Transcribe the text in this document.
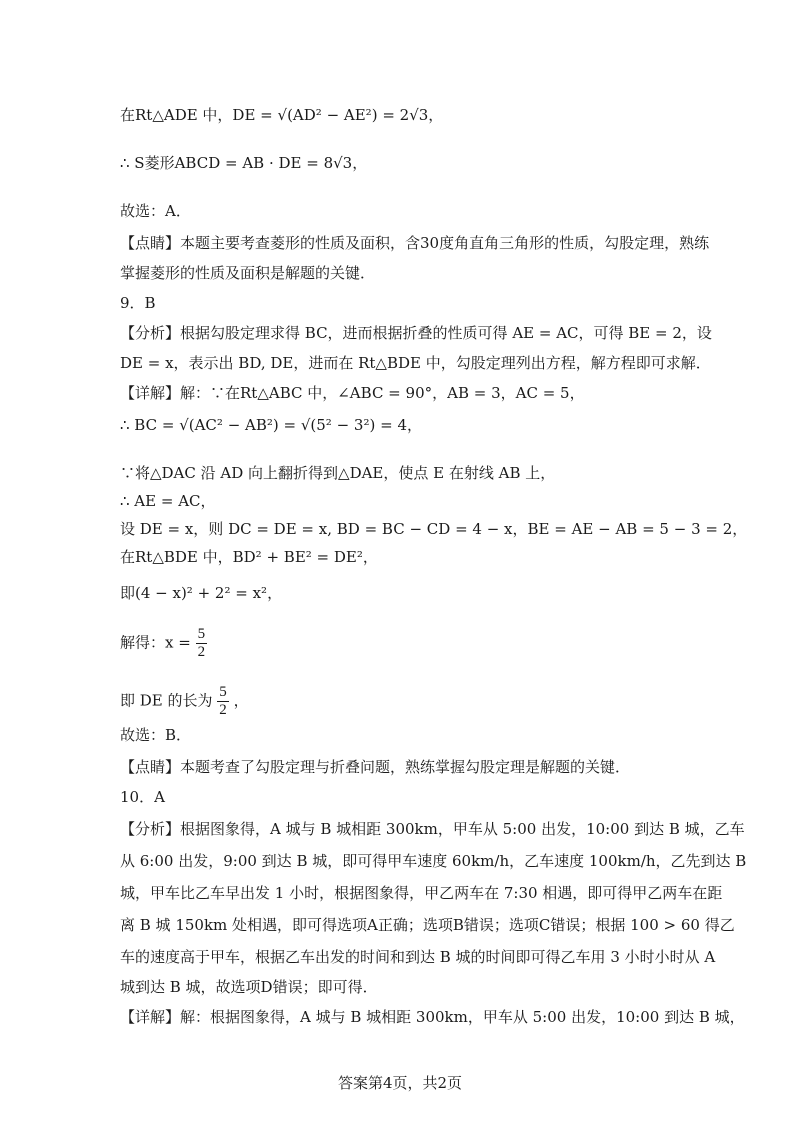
在Rt△ADE 中，DE = √(AD² − AE²) = 2√3，
∴ S菱形ABCD = AB · DE = 8√3，
故选：A．
【点睛】本题主要考查菱形的性质及面积，含30度角直角三角形的性质，勾股定理，熟练
掌握菱形的性质及面积是解题的关键．
9．B
【分析】根据勾股定理求得 BC，进而根据折叠的性质可得 AE = AC，可得 BE = 2，设
DE = x，表示出 BD, DE，进而在 Rt△BDE 中，勾股定理列出方程，解方程即可求解．
【详解】解：∵在Rt△ABC 中，∠ABC = 90°，AB = 3，AC = 5，
∴ BC = √(AC² − AB²) = √(5² − 3²) = 4，
∵将△DAC 沿 AD 向上翻折得到△DAE，使点 E 在射线 AB 上，
∴ AE = AC，
设 DE = x，则 DC = DE = x, BD = BC − CD = 4 − x，BE = AE − AB = 5 − 3 = 2，
在Rt△BDE 中，BD² + BE² = DE²，
即(4 − x)² + 2² = x²，
解得：$x = \frac{5}{2}$
即 DE 的长为 $\frac{5}{2}$ ，
故选：B．
【点睛】本题考查了勾股定理与折叠问题，熟练掌握勾股定理是解题的关键．
10．A
【分析】根据图象得，A 城与 B 城相距 300km，甲车从 5:00 出发，10:00 到达 B 城，乙车
从 6:00 出发，9:00 到达 B 城，即可得甲车速度 60km/h，乙车速度 100km/h，乙先到达 B
城，甲车比乙车早出发 1 小时，根据图象得，甲乙两车在 7:30 相遇，即可得甲乙两车在距
离 B 城 150km 处相遇，即可得选项A正确；选项B错误；选项C错误；根据 100 > 60 得乙
车的速度高于甲车，根据乙车出发的时间和到达 B 城的时间即可得乙车用 3 小时小时从 A
城到达 B 城，故选项D错误；即可得．
【详解】解：根据图象得，A 城与 B 城相距 300km，甲车从 5:00 出发，10:00 到达 B 城，
答案第4页，共2页
